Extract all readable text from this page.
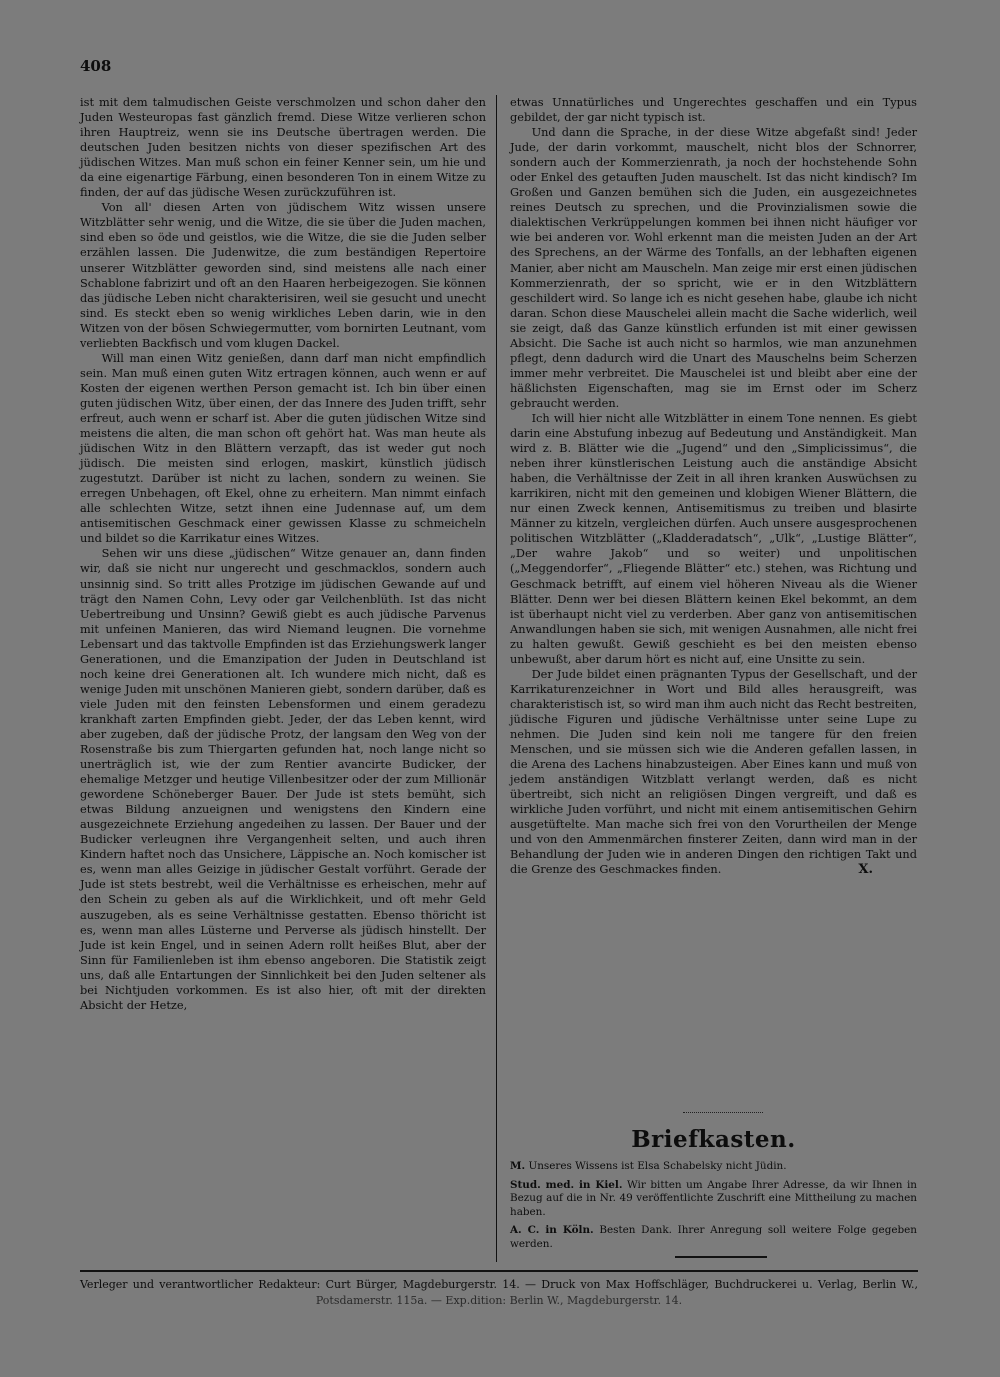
408

ist mit dem talmudischen Geiste verschmolzen und schon daher den Juden Westeuropas fast gänzlich fremd. Diese Witze verlieren schon ihren Hauptreiz, wenn sie ins Deutsche übertragen werden. Die deutschen Juden besitzen nichts von dieser spezifischen Art des jüdischen Witzes. Man muß schon ein feiner Kenner sein, um hie und da eine eigenartige Färbung, einen besonderen Ton in einem Witze zu finden, der auf das jüdische Wesen zurückzuführen ist.

Von all' diesen Arten von jüdischem Witz wissen unsere Witzblätter sehr wenig, und die Witze, die sie über die Juden machen, sind eben so öde und geistlos, wie die Witze, die sie die Juden selber erzählen lassen. Die Judenwitze, die zum beständigen Repertoire unserer Witzblätter geworden sind, sind meistens alle nach einer Schablone fabrizirt und oft an den Haaren herbeigezogen. Sie können das jüdische Leben nicht charakterisiren, weil sie gesucht und unecht sind. Es steckt eben so wenig wirkliches Leben darin, wie in den Witzen von der bösen Schwiegermutter, vom bornirten Leutnant, vom verliebten Backfisch und vom klugen Dackel.

Will man einen Witz genießen, dann darf man nicht empfindlich sein. Man muß einen guten Witz ertragen können, auch wenn er auf Kosten der eigenen werthen Person gemacht ist. Ich bin über einen guten jüdischen Witz, über einen, der das Innere des Juden trifft, sehr erfreut, auch wenn er scharf ist. Aber die guten jüdischen Witze sind meistens die alten, die man schon oft gehört hat. Was man heute als jüdischen Witz in den Blättern verzapft, das ist weder gut noch jüdisch. Die meisten sind erlogen, maskirt, künstlich jüdisch zugestutzt. Darüber ist nicht zu lachen, sondern zu weinen. Sie erregen Unbehagen, oft Ekel, ohne zu erheitern. Man nimmt einfach alle schlechten Witze, setzt ihnen eine Judennase auf, um dem antisemitischen Geschmack einer gewissen Klasse zu schmeicheln und bildet so die Karrikatur eines Witzes.

Sehen wir uns diese „jüdischen“ Witze genauer an, dann finden wir, daß sie nicht nur ungerecht und geschmacklos, sondern auch unsinnig sind. So tritt alles Protzige im jüdischen Gewande auf und trägt den Namen Cohn, Levy oder gar Veilchenblüth. Ist das nicht Uebertreibung und Unsinn? Gewiß giebt es auch jüdische Parvenus mit unfeinen Manieren, das wird Niemand leugnen. Die vornehme Lebensart und das taktvolle Empfinden ist das Erziehungswerk langer Generationen, und die Emanzipation der Juden in Deutschland ist noch keine drei Generationen alt. Ich wundere mich nicht, daß es wenige Juden mit unschönen Manieren giebt, sondern darüber, daß es viele Juden mit den feinsten Lebensformen und einem geradezu krankhaft zarten Empfinden giebt. Jeder, der das Leben kennt, wird aber zugeben, daß der jüdische Protz, der langsam den Weg von der Rosenstraße bis zum Thiergarten gefunden hat, noch lange nicht so unerträglich ist, wie der zum Rentier avancirte Budicker, der ehemalige Metzger und heutige Villenbesitzer oder der zum Millionär gewordene Schöneberger Bauer. Der Jude ist stets bemüht, sich etwas Bildung anzueignen und wenigstens den Kindern eine ausgezeichnete Erziehung angedeihen zu lassen. Der Bauer und der Budicker verleugnen ihre Vergangenheit selten, und auch ihren Kindern haftet noch das Unsichere, Läppische an. Noch komischer ist es, wenn man alles Geizige in jüdischer Gestalt vorführt. Gerade der Jude ist stets bestrebt, weil die Verhältnisse es erheischen, mehr auf den Schein zu geben als auf die Wirklichkeit, und oft mehr Geld auszugeben, als es seine Verhältnisse gestatten. Ebenso thöricht ist es, wenn man alles Lüsterne und Perverse als jüdisch hinstellt. Der Jude ist kein Engel, und in seinen Adern rollt heißes Blut, aber der Sinn für Familienleben ist ihm ebenso angeboren. Die Statistik zeigt uns, daß alle Entartungen der Sinnlichkeit bei den Juden seltener als bei Nichtjuden vorkommen. Es ist also hier, oft mit der direkten Absicht der Hetze,

etwas Unnatürliches und Ungerechtes geschaffen und ein Typus gebildet, der gar nicht typisch ist.

Und dann die Sprache, in der diese Witze abgefaßt sind! Jeder Jude, der darin vorkommt, mauschelt, nicht blos der Schnorrer, sondern auch der Kommerzienrath, ja noch der hochstehende Sohn oder Enkel des getauften Juden mauschelt. Ist das nicht kindisch? Im Großen und Ganzen bemühen sich die Juden, ein ausgezeichnetes reines Deutsch zu sprechen, und die Provinzialismen sowie die dialektischen Verkrüppelungen kommen bei ihnen nicht häufiger vor wie bei anderen vor. Wohl erkennt man die meisten Juden an der Art des Sprechens, an der Wärme des Tonfalls, an der lebhaften eigenen Manier, aber nicht am Mauscheln. Man zeige mir erst einen jüdischen Kommerzienrath, der so spricht, wie er in den Witzblättern geschildert wird. So lange ich es nicht gesehen habe, glaube ich nicht daran. Schon diese Mauschelei allein macht die Sache widerlich, weil sie zeigt, daß das Ganze künstlich erfunden ist mit einer gewissen Absicht. Die Sache ist auch nicht so harmlos, wie man anzunehmen pflegt, denn dadurch wird die Unart des Mauschelns beim Scherzen immer mehr verbreitet. Die Mauschelei ist und bleibt aber eine der häßlichsten Eigenschaften, mag sie im Ernst oder im Scherz gebraucht werden.

Ich will hier nicht alle Witzblätter in einem Tone nennen. Es giebt darin eine Abstufung inbezug auf Bedeutung und Anständigkeit. Man wird z. B. Blätter wie die „Jugend“ und den „Simplicissimus“, die neben ihrer künstlerischen Leistung auch die anständige Absicht haben, die Verhältnisse der Zeit in all ihren kranken Auswüchsen zu karrikiren, nicht mit den gemeinen und klobigen Wiener Blättern, die nur einen Zweck kennen, Antisemitismus zu treiben und blasirte Männer zu kitzeln, vergleichen dürfen. Auch unsere ausgesprochenen politischen Witzblätter („Kladderadatsch“, „Ulk“, „Lustige Blätter“, „Der wahre Jakob“ und so weiter) und unpolitischen („Meggendorfer“, „Fliegende Blätter“ etc.) stehen, was Richtung und Geschmack betrifft, auf einem viel höheren Niveau als die Wiener Blätter. Denn wer bei diesen Blättern keinen Ekel bekommt, an dem ist überhaupt nicht viel zu verderben. Aber ganz von antisemitischen Anwandlungen haben sie sich, mit wenigen Ausnahmen, alle nicht frei zu halten gewußt. Gewiß geschieht es bei den meisten ebenso unbewußt, aber darum hört es nicht auf, eine Unsitte zu sein.

Der Jude bildet einen prägnanten Typus der Gesellschaft, und der Karrikaturenzeichner in Wort und Bild alles herausgreift, was charakteristisch ist, so wird man ihm auch nicht das Recht bestreiten, jüdische Figuren und jüdische Verhältnisse unter seine Lupe zu nehmen. Die Juden sind kein noli me tangere für den freien Menschen, und sie müssen sich wie die Anderen gefallen lassen, in die Arena des Lachens hinabzusteigen. Aber Eines kann und muß von jedem anständigen Witzblatt verlangt werden, daß es nicht übertreibt, sich nicht an religiösen Dingen vergreift, und daß es wirkliche Juden vorführt, und nicht mit einem antisemitischen Gehirn ausgetüftelte. Man mache sich frei von den Vorurtheilen der Menge und von den Ammenmärchen finsterer Zeiten, dann wird man in der Behandlung der Juden wie in anderen Dingen den richtigen Takt und die Grenze des Geschmackes finden.	X.
Briefkasten.

M. Unseres Wissens ist Elsa Schabelsky nicht Jüdin.

Stud. med. in Kiel. Wir bitten um Angabe Ihrer Adresse, da wir Ihnen in Bezug auf die in Nr. 49 veröffentlichte Zuschrift eine Mittheilung zu machen haben.

A. C. in Köln. Besten Dank. Ihrer Anregung soll weitere Folge gegeben werden.

Verleger und verantwortlicher Redakteur: Curt Bürger, Magdeburgerstr. 14. — Druck von Max Hoffschläger, Buchdruckerei u. Verlag, Berlin W.,
Potsdamerstr. 115a. — Exp.dition: Berlin W., Magdeburgerstr. 14.
